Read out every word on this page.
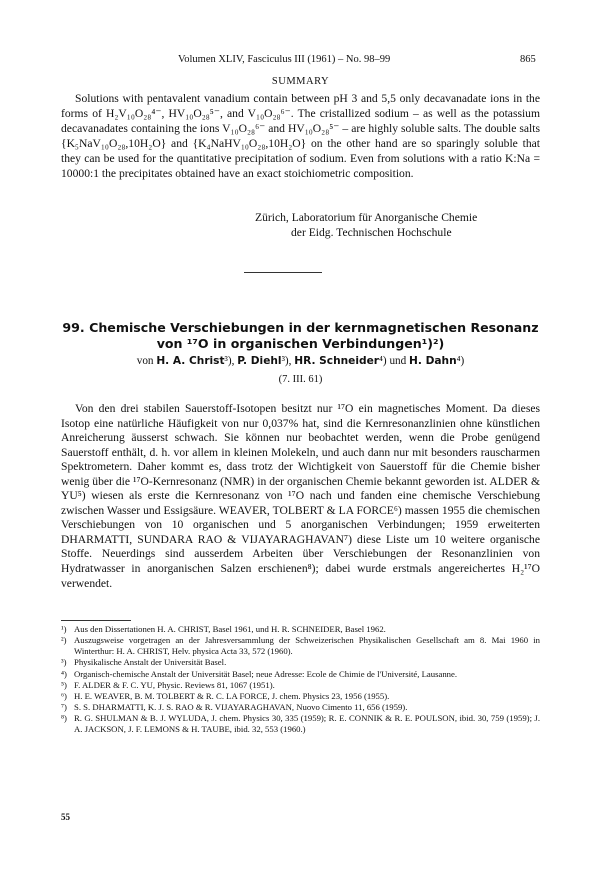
Volumen XLIV, Fasciculus III (1961) – No. 98–99	865
SUMMARY

Solutions with pentavalent vanadium contain between pH 3 and 5,5 only decavanadate ions in the forms of H₂V₁₀O₂₈⁴⁻, HV₁₀O₂₈⁵⁻, and V₁₀O₂₈⁶⁻. The cristallized sodium – as well as the potassium decavanadates containing the ions V₁₀O₂₈⁶⁻ and HV₁₀O₂₈⁵⁻ – are highly soluble salts. The double salts {K₅NaV₁₀O₂₈,10H₂O} and {K₄NaHV₁₀O₂₈,10H₂O} on the other hand are so sparingly soluble that they can be used for the quantitative precipitation of sodium. Even from solutions with a ratio K:Na = 10000:1 the precipitates obtained have an exact stoichiometric composition.

Zürich, Laboratorium für Anorganische Chemie
der Eidg. Technischen Hochschule
99. Chemische Verschiebungen in der kernmagnetischen Resonanz
von ¹⁷O in organischen Verbindungen¹)²)
von H. A. Christ³), P. Diehl³), HR. Schneider⁴) und H. Dahn⁴)
(7. III. 61)

Von den drei stabilen Sauerstoff-Isotopen besitzt nur ¹⁷O ein magnetisches Moment. Da dieses Isotop eine natürliche Häufigkeit von nur 0,037% hat, sind die Kernresonanzlinien ohne künstlichen Anreicherung äusserst schwach. Sie können nur beobachtet werden, wenn die Probe genügend Sauerstoff enthält, d. h. vor allem in kleinen Molekeln, und auch dann nur mit besonders rauscharmen Spektrometern. Daher kommt es, dass trotz der Wichtigkeit von Sauerstoff für die Chemie bisher wenig über die ¹⁷O-Kernresonanz (NMR) in der organischen Chemie bekannt geworden ist. ALDER & YU⁵) wiesen als erste die Kernresonanz von ¹⁷O nach und fanden eine chemische Verschiebung zwischen Wasser und Essigsäure. WEAVER, TOLBERT & LA FORCE⁶) massen 1955 die chemischen Verschiebungen von 10 organischen und 5 anorganischen Verbindungen; 1959 erweiterten DHARMATTI, SUNDARA RAO & VIJAYARAGHAVAN⁷) diese Liste um 10 weitere organische Stoffe. Neuerdings sind ausserdem Arbeiten über Verschiebungen der Resonanzlinien von Hydratwasser in anorganischen Salzen erschienen⁸); dabei wurde erstmals angereichertes H₂¹⁷O verwendet.

¹) Aus den Dissertationen H. A. CHRIST, Basel 1961, und H. R. SCHNEIDER, Basel 1962.
²) Auszugsweise vorgetragen an der Jahresversammlung der Schweizerischen Physikalischen Gesellschaft am 8. Mai 1960 in Winterthur: H. A. CHRIST, Helv. physica Acta 33, 572 (1960).
³) Physikalische Anstalt der Universität Basel.
⁴) Organisch-chemische Anstalt der Universität Basel; neue Adresse: Ecole de Chimie de l'Université, Lausanne.
⁵) F. ALDER & F. C. YU, Physic. Reviews 81, 1067 (1951).
⁶) H. E. WEAVER, B. M. TOLBERT & R. C. LA FORCE, J. chem. Physics 23, 1956 (1955).
⁷) S. S. DHARMATTI, K. J. S. RAO & R. VIJAYARAGHAVAN, Nuovo Cimento 11, 656 (1959).
⁸) R. G. SHULMAN & B. J. WYLUDA, J. chem. Physics 30, 335 (1959); R. E. CONNIK & R. E. POULSON, ibid. 30, 759 (1959); J. A. JACKSON, J. F. LEMONS & H. TAUBE, ibid. 32, 553 (1960.)
55
